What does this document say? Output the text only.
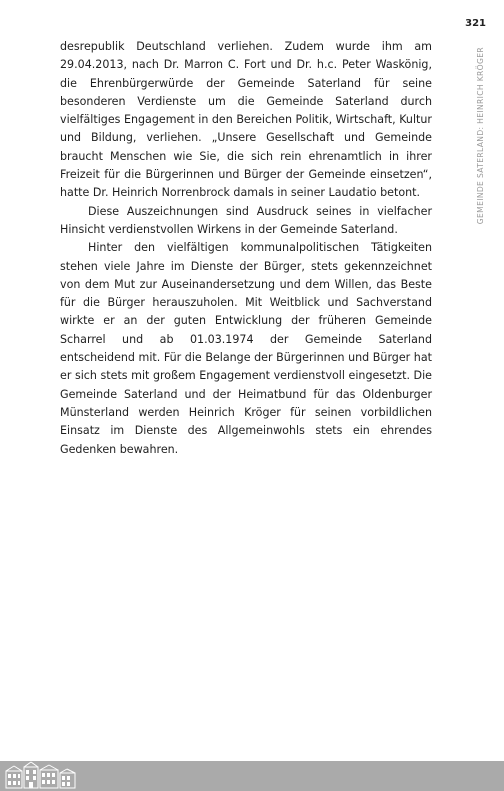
321
GEMEINDE SATERLAND: HEINRICH KRÖGER

desrepublik Deutschland verliehen. Zudem wurde ihm am 29.04.2013, nach Dr. Marron C. Fort und Dr. h.c. Peter Waskönig, die Ehrenbürgerwürde der Gemeinde Saterland für seine besonderen Verdienste um die Gemeinde Saterland durch vielfältiges Engagement in den Bereichen Politik, Wirtschaft, Kultur und Bildung, verliehen. „Unsere Gesellschaft und Gemeinde braucht Menschen wie Sie, die sich rein ehrenamtlich in ihrer Freizeit für die Bürgerinnen und Bürger der Gemeinde einsetzen“, hatte Dr. Heinrich Norrenbrock damals in seiner Laudatio betont.

Diese Auszeichnungen sind Ausdruck seines in vielfacher Hinsicht verdienstvollen Wirkens in der Gemeinde Saterland.

Hinter den vielfältigen kommunalpolitischen Tätigkeiten stehen viele Jahre im Dienste der Bürger, stets gekennzeichnet von dem Mut zur Auseinandersetzung und dem Willen, das Beste für die Bürger herauszuholen. Mit Weitblick und Sachverstand wirkte er an der guten Entwicklung der früheren Gemeinde Scharrel und ab 01.03.1974 der Gemeinde Saterland entscheidend mit. Für die Belange der Bürgerinnen und Bürger hat er sich stets mit großem Engagement verdienstvoll eingesetzt. Die Gemeinde Saterland und der Heimatbund für das Oldenburger Münsterland werden Heinrich Kröger für seinen vorbildlichen Einsatz im Dienste des Allgemeinwohls stets ein ehrendes Gedenken bewahren.
